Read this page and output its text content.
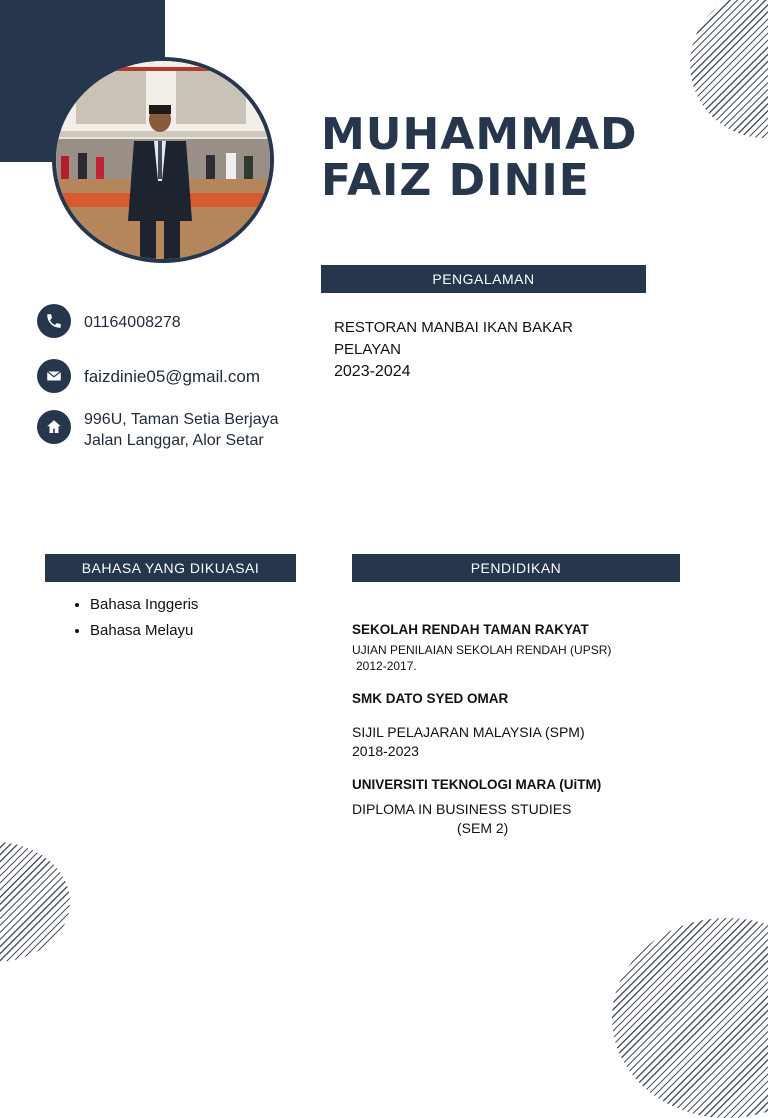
MUHAMMAD
FAIZ DINIE
PENGALAMAN
RESTORAN MANBAI IKAN BAKAR
PELAYAN
2023-2024
01164008278
faizdinie05@gmail.com
996U, Taman Setia Berjaya
Jalan Langgar, Alor Setar
BAHASA YANG DIKUASAI
• Bahasa Inggeris
• Bahasa Melayu
PENDIDIKAN
SEKOLAH RENDAH TAMAN RAKYAT
UJIAN PENILAIAN SEKOLAH RENDAH (UPSR)
2012-2017.
SMK DATO SYED OMAR
SIJIL PELAJARAN MALAYSIA (SPM)
2018-2023
UNIVERSITI TEKNOLOGI MARA (UiTM)
DIPLOMA IN BUSINESS STUDIES
(SEM 2)
